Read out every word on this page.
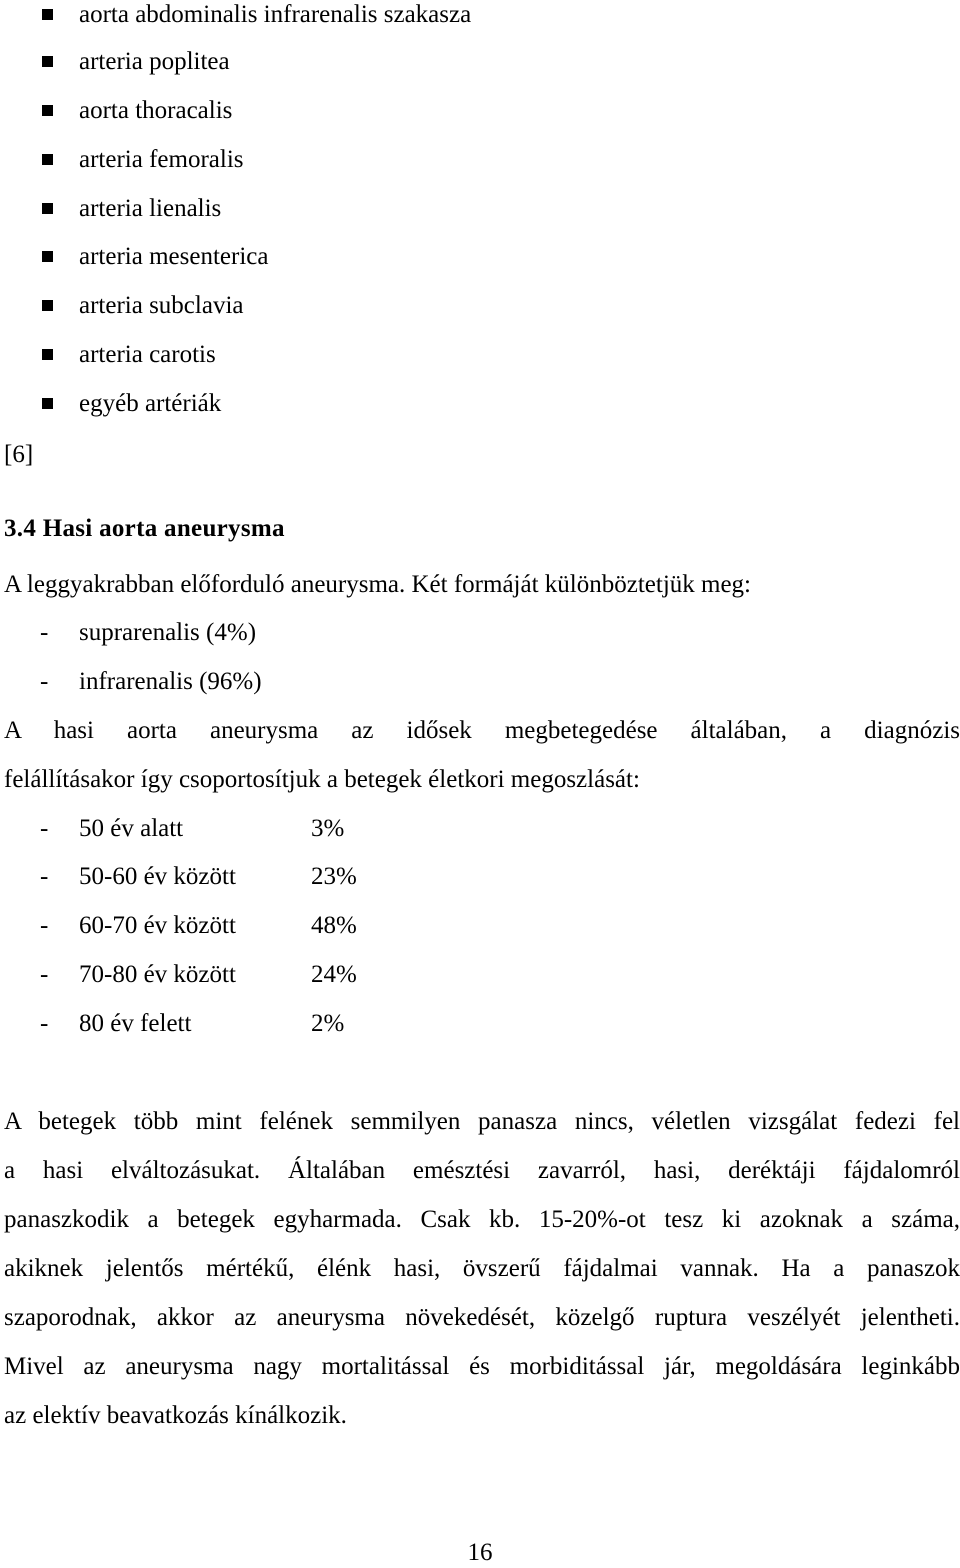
aorta abdominalis infrarenalis szakasza
arteria poplitea
aorta thoracalis
arteria femoralis
arteria lienalis
arteria mesenterica
arteria subclavia
arteria carotis
egyéb artériák
[6]
3.4 Hasi aorta aneurysma
A leggyakrabban előforduló aneurysma. Két formáját különböztetjük meg:
- suprarenalis (4%)
- infrarenalis (96%)
A hasi aorta aneurysma az idősek megbetegedése általában, a diagnózis
felállításakor így csoportosítjuk a betegek életkori megoszlását:
- 50 év alatt	3%
- 50-60 év között	23%
- 60-70 év között	48%
- 70-80 év között	24%
- 80 év felett	2%
A betegek több mint felének semmilyen panasza nincs, véletlen vizsgálat fedezi fel
a hasi elváltozásukat. Általában emésztési zavarról, hasi, deréktáji fájdalomról
panaszkodik a betegek egyharmada. Csak kb. 15-20%-ot tesz ki azoknak a száma,
akiknek jelentős mértékű, élénk hasi, övszerű fájdalmai vannak. Ha a panaszok
szaporodnak, akkor az aneurysma növekedését, közelgő ruptura veszélyét jelentheti.
Mivel az aneurysma nagy mortalitással és morbiditással jár, megoldására leginkább
az elektív beavatkozás kínálkozik.
16
